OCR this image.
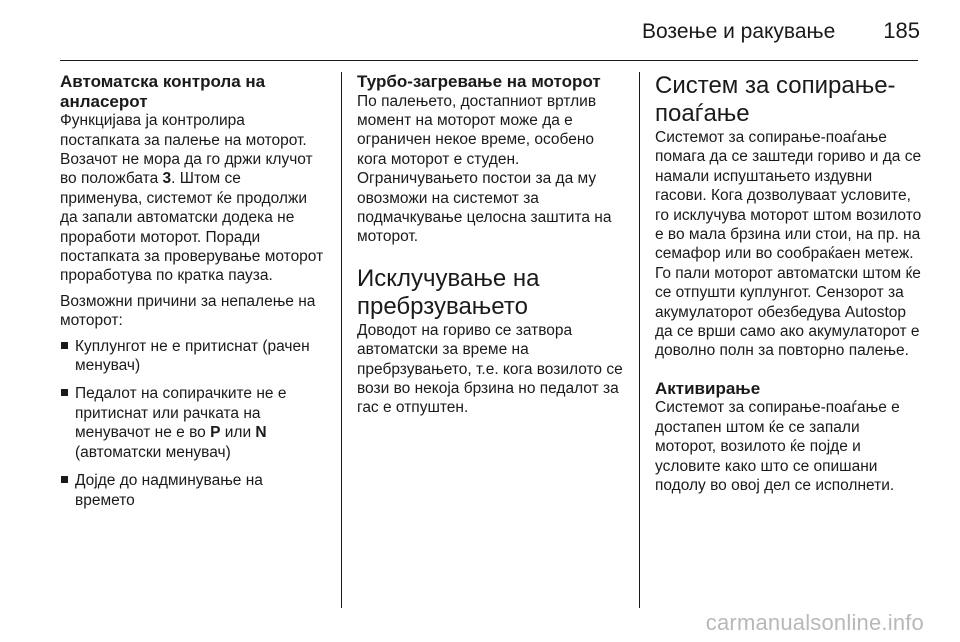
Возење и ракување 185
Автоматска контрола на анласерот

Функцијава ја контролира постапката за палење на моторот. Возачот не мора да го држи клучот во положбата 3. Штом се применува, системот ќе продолжи да запали автоматски додека не проработи моторот. Поради постапката за проверување моторот проработува по кратка пауза.

Возможни причини за непалење на моторот:

Куплунгот не е притиснат (рачен менувач)
Педалот на сопирачките не е притиснат или рачката на менувачот не е во P или N (автоматски менувач)
Дојде до надминување на времето
Турбо-загревање на моторот

По палењето, достапниот вртлив момент на моторот може да е ограничен некое време, особено кога моторот е студен. Ограничувањето постои за да му овозможи на системот за подмачкување целосна заштита на моторот.

Исклучување на пребрзувањето

Доводот на гориво се затвора автоматски за време на пребрзувањето, т.е. кога возилото се вози во некоја брзина но педалот за гас е отпуштен.

Систем за сопирање-поаѓање

Системот за сопирање-поаѓање помага да се заштеди гориво и да се намали испуштањето издувни гасови. Кога дозволуваат условите, го исклучува моторот штом возилото е во мала брзина или стои, на пр. на семафор или во сообраќаен метеж. Го пали моторот автоматски штом ќе се отпушти куплунгот. Сензорот за акумулаторот обезбедува Autostop да се врши само ако акумулаторот е доволно полн за повторно палење.

Активирање

Системот за сопирање-поаѓање е достапен штом ќе се запали моторот, возилото ќе појде и условите како што се опишани подолу во овој дел се исполнети.

carmanualsonline.info
